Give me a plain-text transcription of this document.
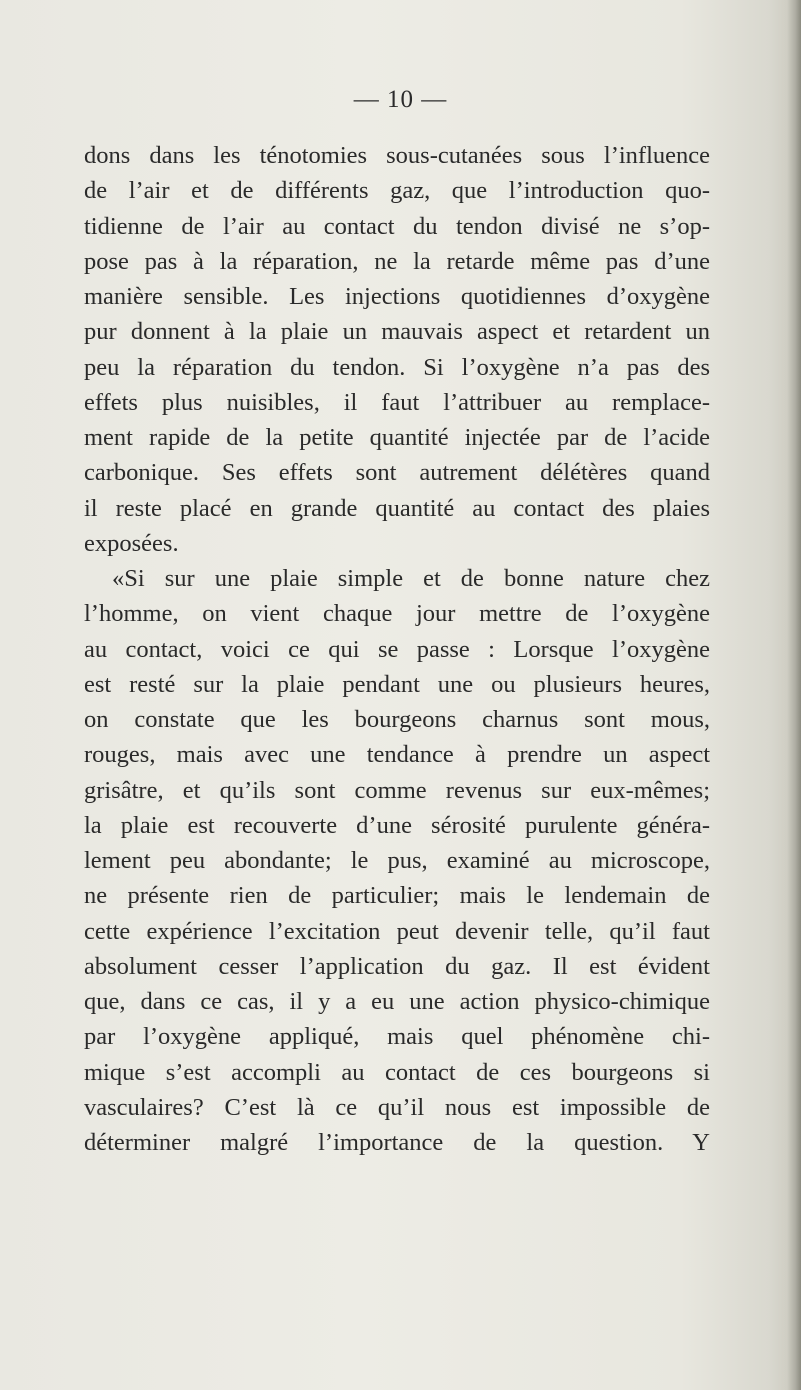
— 10 —
dons dans les ténotomies sous-cutanées sous l’influence
de l’air et de différents gaz, que l’introduction quo-
tidienne de l’air au contact du tendon divisé ne s’op-
pose pas à la réparation, ne la retarde même pas d’une
manière sensible. Les injections quotidiennes d’oxygène
pur donnent à la plaie un mauvais aspect et retardent un
peu la réparation du tendon. Si l’oxygène n’a pas des
effets plus nuisibles, il faut l’attribuer au remplace-
ment rapide de la petite quantité injectée par de l’acide
carbonique. Ses effets sont autrement délétères quand
il reste placé en grande quantité au contact des plaies
exposées.
«Si sur une plaie simple et de bonne nature chez
l’homme, on vient chaque jour mettre de l’oxygène
au contact, voici ce qui se passe : Lorsque l’oxygène
est resté sur la plaie pendant une ou plusieurs heures,
on constate que les bourgeons charnus sont mous,
rouges, mais avec une tendance à prendre un aspect
grisâtre, et qu’ils sont comme revenus sur eux-mêmes;
la plaie est recouverte d’une sérosité purulente généra-
lement peu abondante; le pus, examiné au microscope,
ne présente rien de particulier; mais le lendemain de
cette expérience l’excitation peut devenir telle, qu’il faut
absolument cesser l’application du gaz. Il est évident
que, dans ce cas, il y a eu une action physico-chimique
par l’oxygène appliqué, mais quel phénomène chi-
mique s’est accompli au contact de ces bourgeons si
vasculaires? C’est là ce qu’il nous est impossible de
déterminer malgré l’importance de la question. Y
